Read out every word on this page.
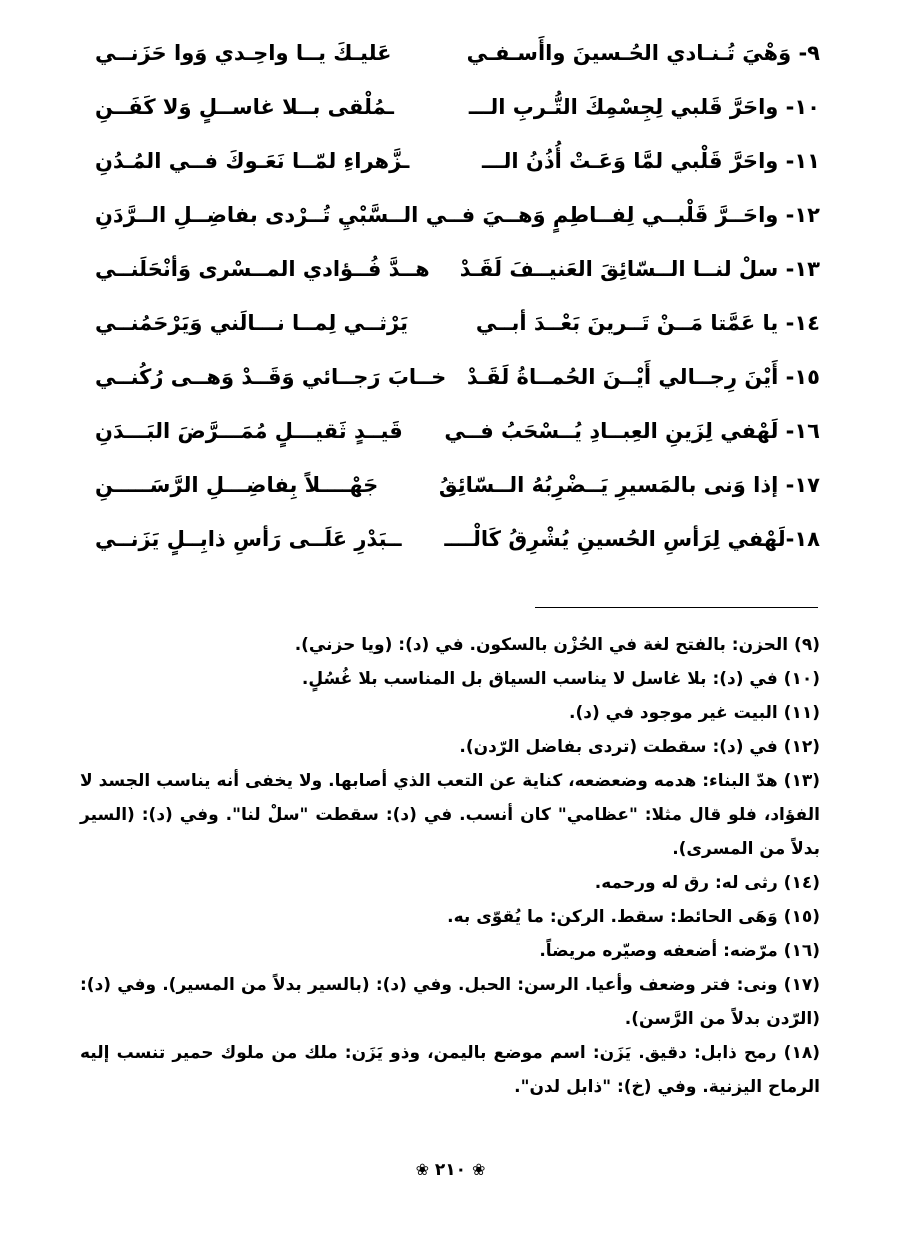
٩- وَهْيَ تُـنـادي الحُـسينَ واأَسـفـي
عَليـكَ يــا واحِـدي وَوا حَزَنــي
١٠- واحَرَّ قَلبي لِجِسْمِكَ التُّـربِ الـــ
ـمُلْقى بــلا غاســلٍ وَلا كَفَــنِ
١١- واحَرَّ قَلْبي لمَّا وَعَـتْ أُذُنُ الـــ
ـزَّهراءِ لمّــا نَعَـوكَ فــي المُـدُنِ
١٢- واحَــرَّ قَلْبــي لِفــاطِمٍ وَهــيَ فــي
الــسَّبْيِ تُــرْدى بفاضِــلِ الــرَّدَنِ
١٣- سلْ لنــا الــسّائِقَ العَنيــفَ لَقَـدْ
هــدَّ فُــؤادي المــسْرى وَأنْحَلَنــي
١٤- يا عَمَّتا مَــنْ تَــرينَ بَعْــدَ أبــي
يَرْثــي لِمــا نـــالَني وَيَرْحَمُنــي
١٥- أَيْنَ رِجــالي أَيْــنَ الحُمــاةُ لَقَـدْ
خــابَ رَجــائي وَقَــدْ وَهــى رُكُنــي
١٦- لَهْفي لِزَينِ العِبــادِ يُــسْحَبُ فــي
قَيــدٍ ثَقيـــلٍ مُمَـــرَّضَ البَـــدَنِ
١٧- إذا وَنى بالمَسيرِ يَــضْرِبُهُ الــسّائِقُ
جَهْــــلاً بِفاضِـــلِ الرَّسَـــــنِ
١٨-لَهْفي لِرَأسِ الحُسينِ يُشْرِقُ كَالْــــ
ــبَدْرِ عَلَــى رَأسِ ذابِــلٍ يَزَنــي
(٩) الحزن: بالفتح لغة في الحُزْن بالسكون. في (د): (ويا حزني).
(١٠) في (د): بلا غاسل لا يناسب السياق بل المناسب بلا غُسُلٍ.
(١١) البيت غير موجود في (د).
(١٢) في (د): سقطت (تردى بفاضل الرّدن).
(١٣) هدّ البناء: هدمه وضعضعه، كناية عن التعب الذي أصابها. ولا يخفى أنه يناسب الجسد لا الفؤاد، فلو قال مثلا: "عظامي" كان أنسب. في (د): سقطت "سلْ لنا". وفي (د): (السير بدلاً من المسرى).
(١٤) رثى له: رق له ورحمه.
(١٥) وَهَى الحائط: سقط. الركن: ما يُقوّى به.
(١٦) مرّضه: أضعفه وصيّره مريضاً.
(١٧) ونى: فتر وضعف وأعيا. الرسن: الحبل. وفي (د): (بالسير بدلاً من المسير). وفي (د): (الرّدن بدلاً من الرَّسن).
(١٨) رمح ذابل: دقيق. يَزَن: اسم موضع باليمن، وذو يَزَن: ملك من ملوك حمير تنسب إليه الرماح اليزنية. وفي (خ): "ذابل لدن".
❀ ٢١٠ ❀
